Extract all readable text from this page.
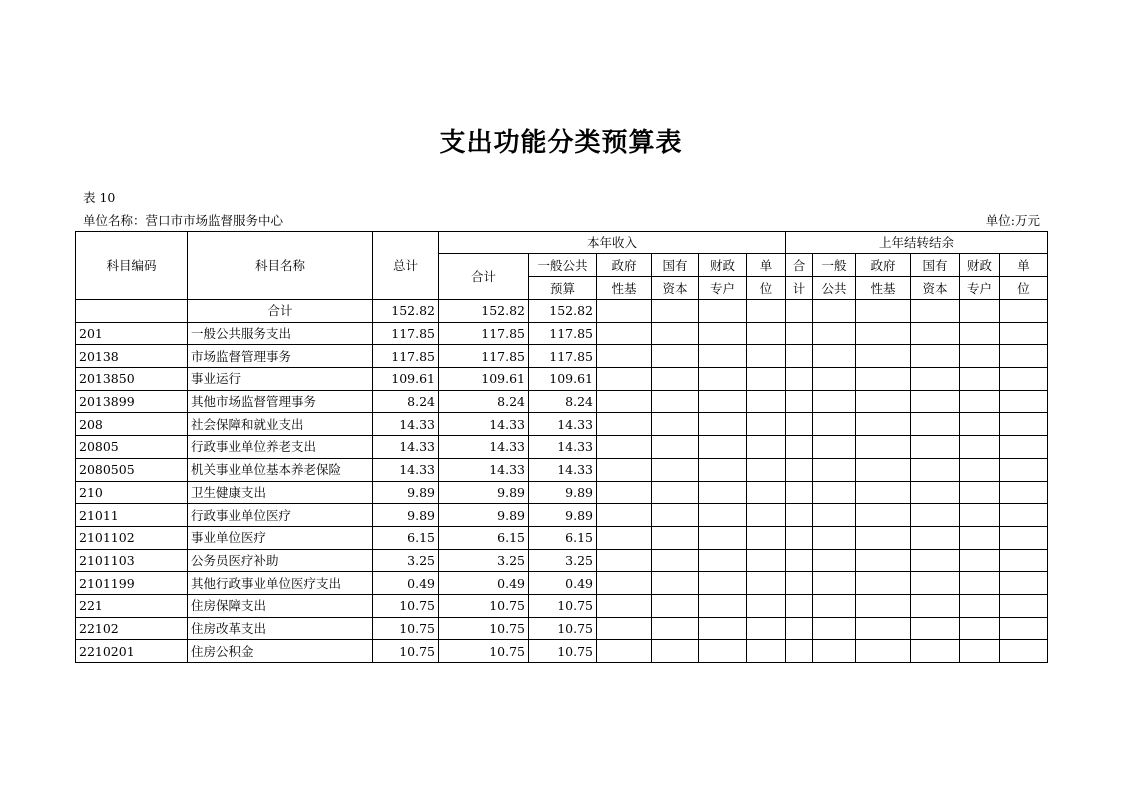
支出功能分类预算表
表 10
单位名称：营口市市场监督服务中心	单位:万元
科目编码	科目名称	总计	本年收入						上年结转结余					
			合计	一般公共	政府	国有	财政	单	合	一般	政府	国有	财政	单
				预算	性基	资本	专户	位	计	公共	性基	资本	专户	位
	合计	152.82	152.82	152.82										
201	一般公共服务支出	117.85	117.85	117.85										
20138	市场监督管理事务	117.85	117.85	117.85										
2013850	事业运行	109.61	109.61	109.61										
2013899	其他市场监督管理事务	8.24	8.24	8.24										
208	社会保障和就业支出	14.33	14.33	14.33										
20805	行政事业单位养老支出	14.33	14.33	14.33										
2080505	机关事业单位基本养老保险	14.33	14.33	14.33										
210	卫生健康支出	9.89	9.89	9.89										
21011	行政事业单位医疗	9.89	9.89	9.89										
2101102	事业单位医疗	6.15	6.15	6.15										
2101103	公务员医疗补助	3.25	3.25	3.25										
2101199	其他行政事业单位医疗支出	0.49	0.49	0.49										
221	住房保障支出	10.75	10.75	10.75										
22102	住房改革支出	10.75	10.75	10.75										
2210201	住房公积金	10.75	10.75	10.75										
